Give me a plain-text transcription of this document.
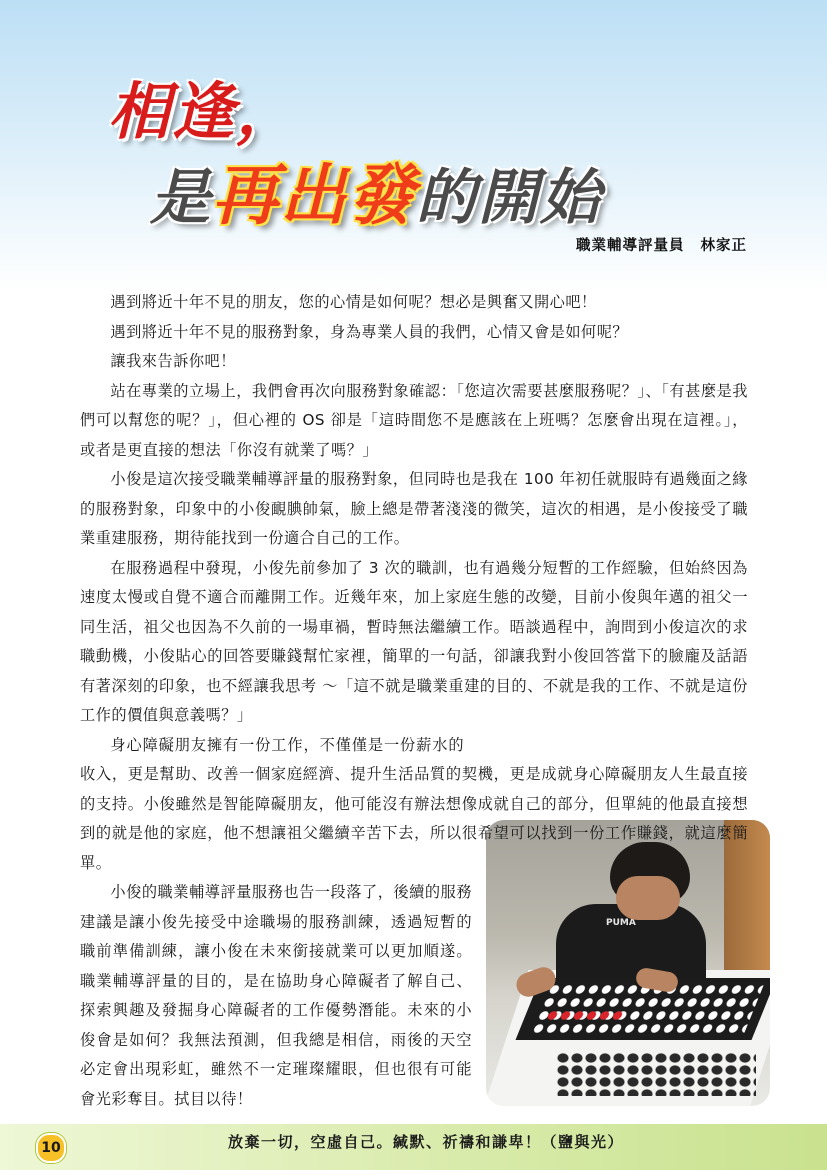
相逢，
是再出發的開始
職業輔導評量員 林家正
PUMA

遇到將近十年不見的朋友，您的心情是如何呢？想必是興奮又開心吧！

遇到將近十年不見的服務對象，身為專業人員的我們，心情又會是如何呢？

讓我來告訴你吧！

站在專業的立場上，我們會再次向服務對象確認：「您這次需要甚麼服務呢？」、「有甚麼是我們可以幫您的呢？」，但心裡的 OS 卻是「這時間您不是應該在上班嗎？怎麼會出現在這裡。」，或者是更直接的想法「你沒有就業了嗎？」

小俊是這次接受職業輔導評量的服務對象，但同時也是我在 100 年初任就服時有過幾面之緣的服務對象，印象中的小俊靦腆帥氣，臉上總是帶著淺淺的微笑，這次的相遇，是小俊接受了職業重建服務，期待能找到一份適合自己的工作。

在服務過程中發現，小俊先前參加了 3 次的職訓，也有過幾分短暫的工作經驗，但始終因為速度太慢或自覺不適合而離開工作。近幾年來，加上家庭生態的改變，目前小俊與年邁的祖父一同生活，祖父也因為不久前的一場車禍，暫時無法繼續工作。晤談過程中，詢問到小俊這次的求職動機，小俊貼心的回答要賺錢幫忙家裡，簡單的一句話，卻讓我對小俊回答當下的臉龐及話語有著深刻的印象，也不經讓我思考 ～「這不就是職業重建的目的、不就是我的工作、不就是這份工作的價值與意義嗎？」

身心障礙朋友擁有一份工作，不僅僅是一份薪水的收入，更是幫助、改善一個家庭經濟、提升生活品質的契機，更是成就身心障礙朋友人生最直接的支持。小俊雖然是智能障礙朋友，他可能沒有辦法想像成就自己的部分，但單純的他最直接想到的就是他的家庭，他不想讓祖父繼續辛苦下去，所以很希望可以找到一份工作賺錢，就這麼簡單。

小俊的職業輔導評量服務也告一段落了，後續的服務建議是讓小俊先接受中途職場的服務訓練，透過短暫的職前準備訓練，讓小俊在未來銜接就業可以更加順遂。職業輔導評量的目的，是在協助身心障礙者了解自己、探索興趣及發掘身心障礙者的工作優勢潛能。未來的小俊會是如何？我無法預測，但我總是相信，雨後的天空必定會出現彩虹，雖然不一定璀璨耀眼，但也很有可能會光彩奪目。拭目以待！

10	放棄一切，空虛自己。緘默、祈禱和謙卑！（鹽與光）
